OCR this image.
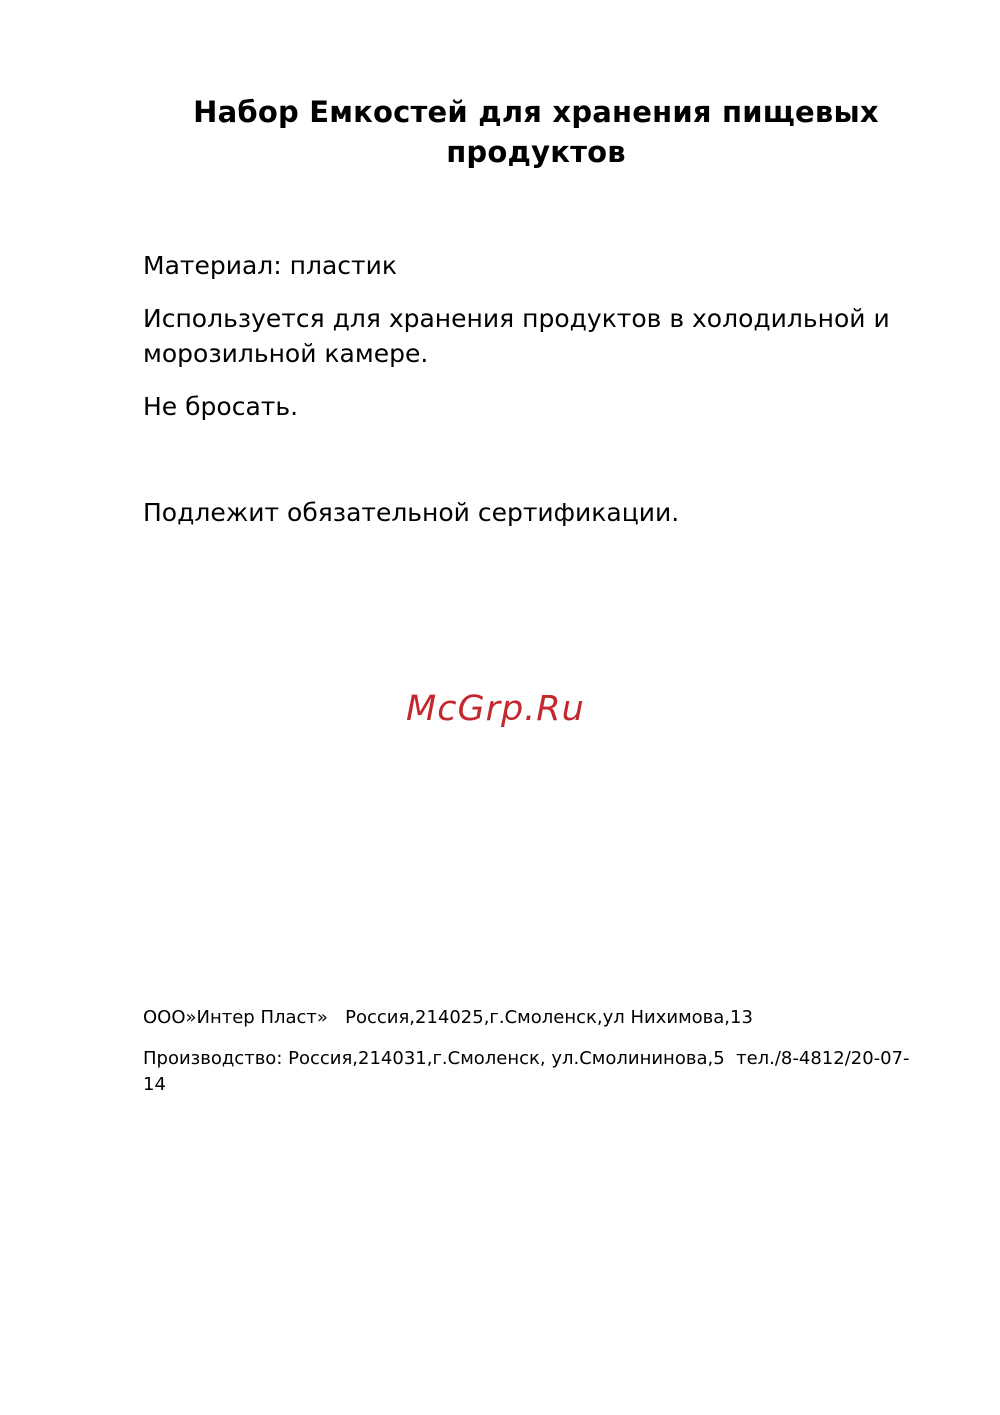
Набор Емкостей для хранения пищевых продуктов

Материал: пластик

Используется для хранения продуктов в холодильной и  морозильной камере.

Не бросать.

Подлежит обязательной сертификации.

McGrp.Ru

ООО»Интер Пласт»   Россия,214025,г.Смоленск,ул Нихимова,13

Производство: Россия,214031,г.Смоленск, ул.Смолининова,5  тел./8-4812/20-07-14
